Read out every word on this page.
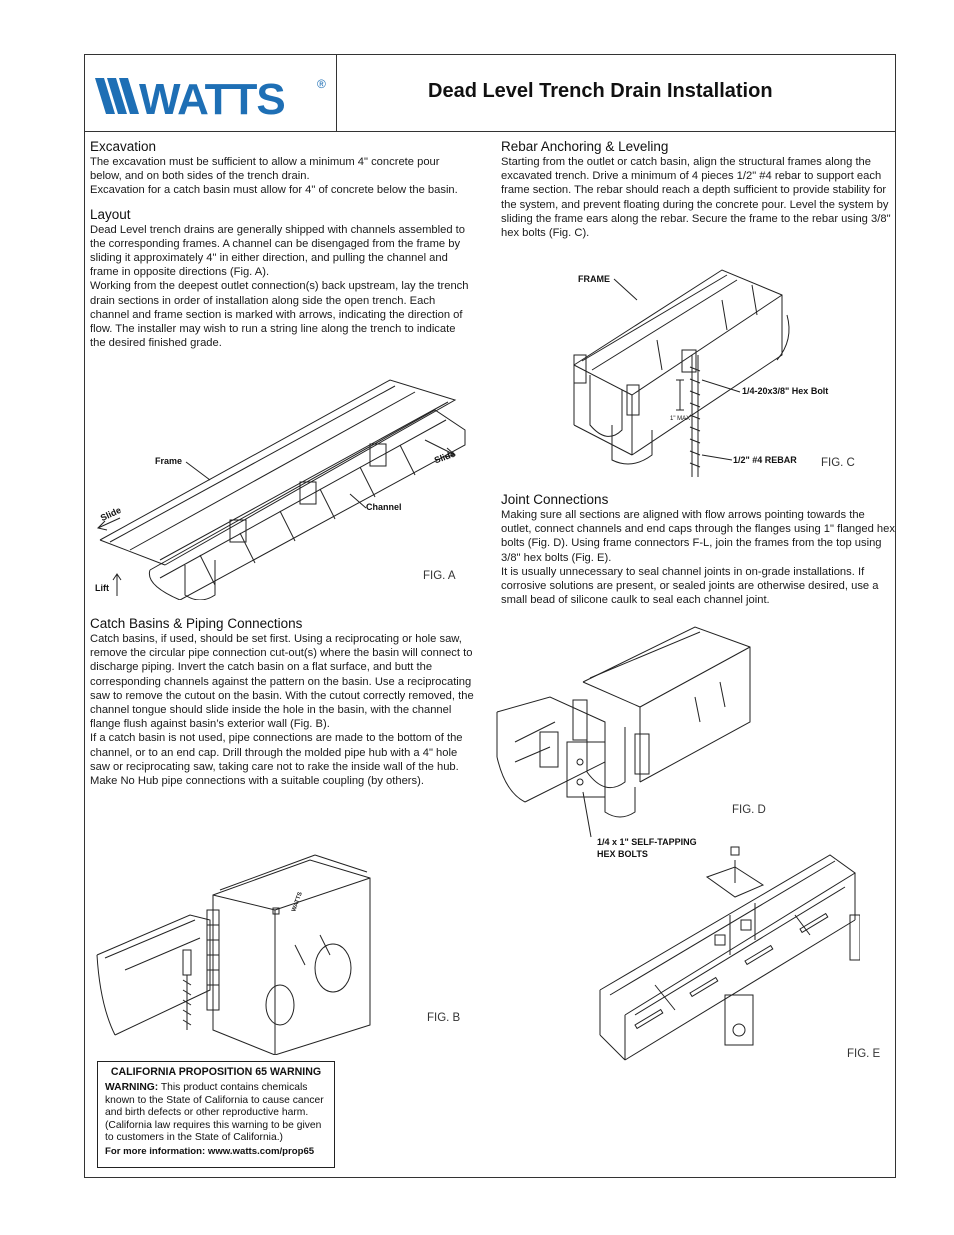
WATTS	®	Dead Level Trench Drain Installation
Excavation

The excavation must be sufficient to allow a minimum 4" concrete pour below, and on both sides of the trench drain.

Excavation for a catch basin must allow for 4" of concrete below the basin.

Layout

Dead Level trench drains are generally shipped with channels assembled to the corresponding frames. A channel can be disengaged from the frame by sliding it approximately 4" in either direction, and pulling the channel and frame in opposite directions (Fig. A).

Working from the deepest outlet connection(s) back upstream, lay the trench drain sections in order of installation along side the open trench. Each channel and frame section is marked with arrows, indicating the direction of flow. The installer may wish to run a string line along the trench to indicate the desired finished grade.

Frame
Channel
Slide
Slide
Lift
FIG. A
Catch Basins & Piping Connections

Catch basins, if used, should be set first. Using a reciprocating or hole saw, remove the circular pipe connection cut-out(s) where the basin will connect to discharge piping. Invert the catch basin on a flat surface, and butt the corresponding channels against the pattern on the basin. Use a reciprocating saw to remove the cutout on the basin. With the cutout correctly removed, the channel tongue should slide inside the hole in the basin, with the channel flange flush against basin’s exterior wall (Fig. B).

If a catch basin is not used, pipe connections are made to the bottom of the channel, or to an end cap. Drill through the molded pipe hub with a 4" hole saw or reciprocating saw, taking care not to rake the inside wall of the hub. Make No Hub pipe connections with a suitable coupling (by others).

WATTS
FIG. B
CALIFORNIA PROPOSITION 65 WARNING
WARNING: This product contains chemicals known to the State of California to cause cancer and birth defects or other reproductive harm.
(California law requires this warning to be given to customers in the State of California.)
For more information: www.watts.com/prop65
Rebar Anchoring & Leveling

Starting from the outlet or catch basin, align the structural frames along the excavated trench. Drive a minimum of 4 pieces 1/2" #4 rebar to support each frame section. The rebar should reach a depth sufficient to provide stability for the system, and prevent floating during the concrete pour. Level the system by sliding the frame ears along the rebar. Secure the frame to the rebar using 3/8" hex bolts (Fig. C).

FRAME
1/4-20x3/8" Hex Bolt
1/2" #4 REBAR
1" MAX
FIG. C
Joint Connections

Making sure all sections are aligned with flow arrows pointing towards the outlet, connect channels and end caps through the flanges using 1" flanged hex bolts (Fig. D). Using frame connectors F-L, join the frames from the top using 3/8" hex bolts (Fig. E).

It is usually unnecessary to seal channel joints in on-grade installations. If corrosive solutions are present, or sealed joints are otherwise desired, use a small bead of silicone caulk to seal each channel joint.

1/4 x 1" SELF-TAPPING
HEX BOLTS
FIG. D
FIG. E
